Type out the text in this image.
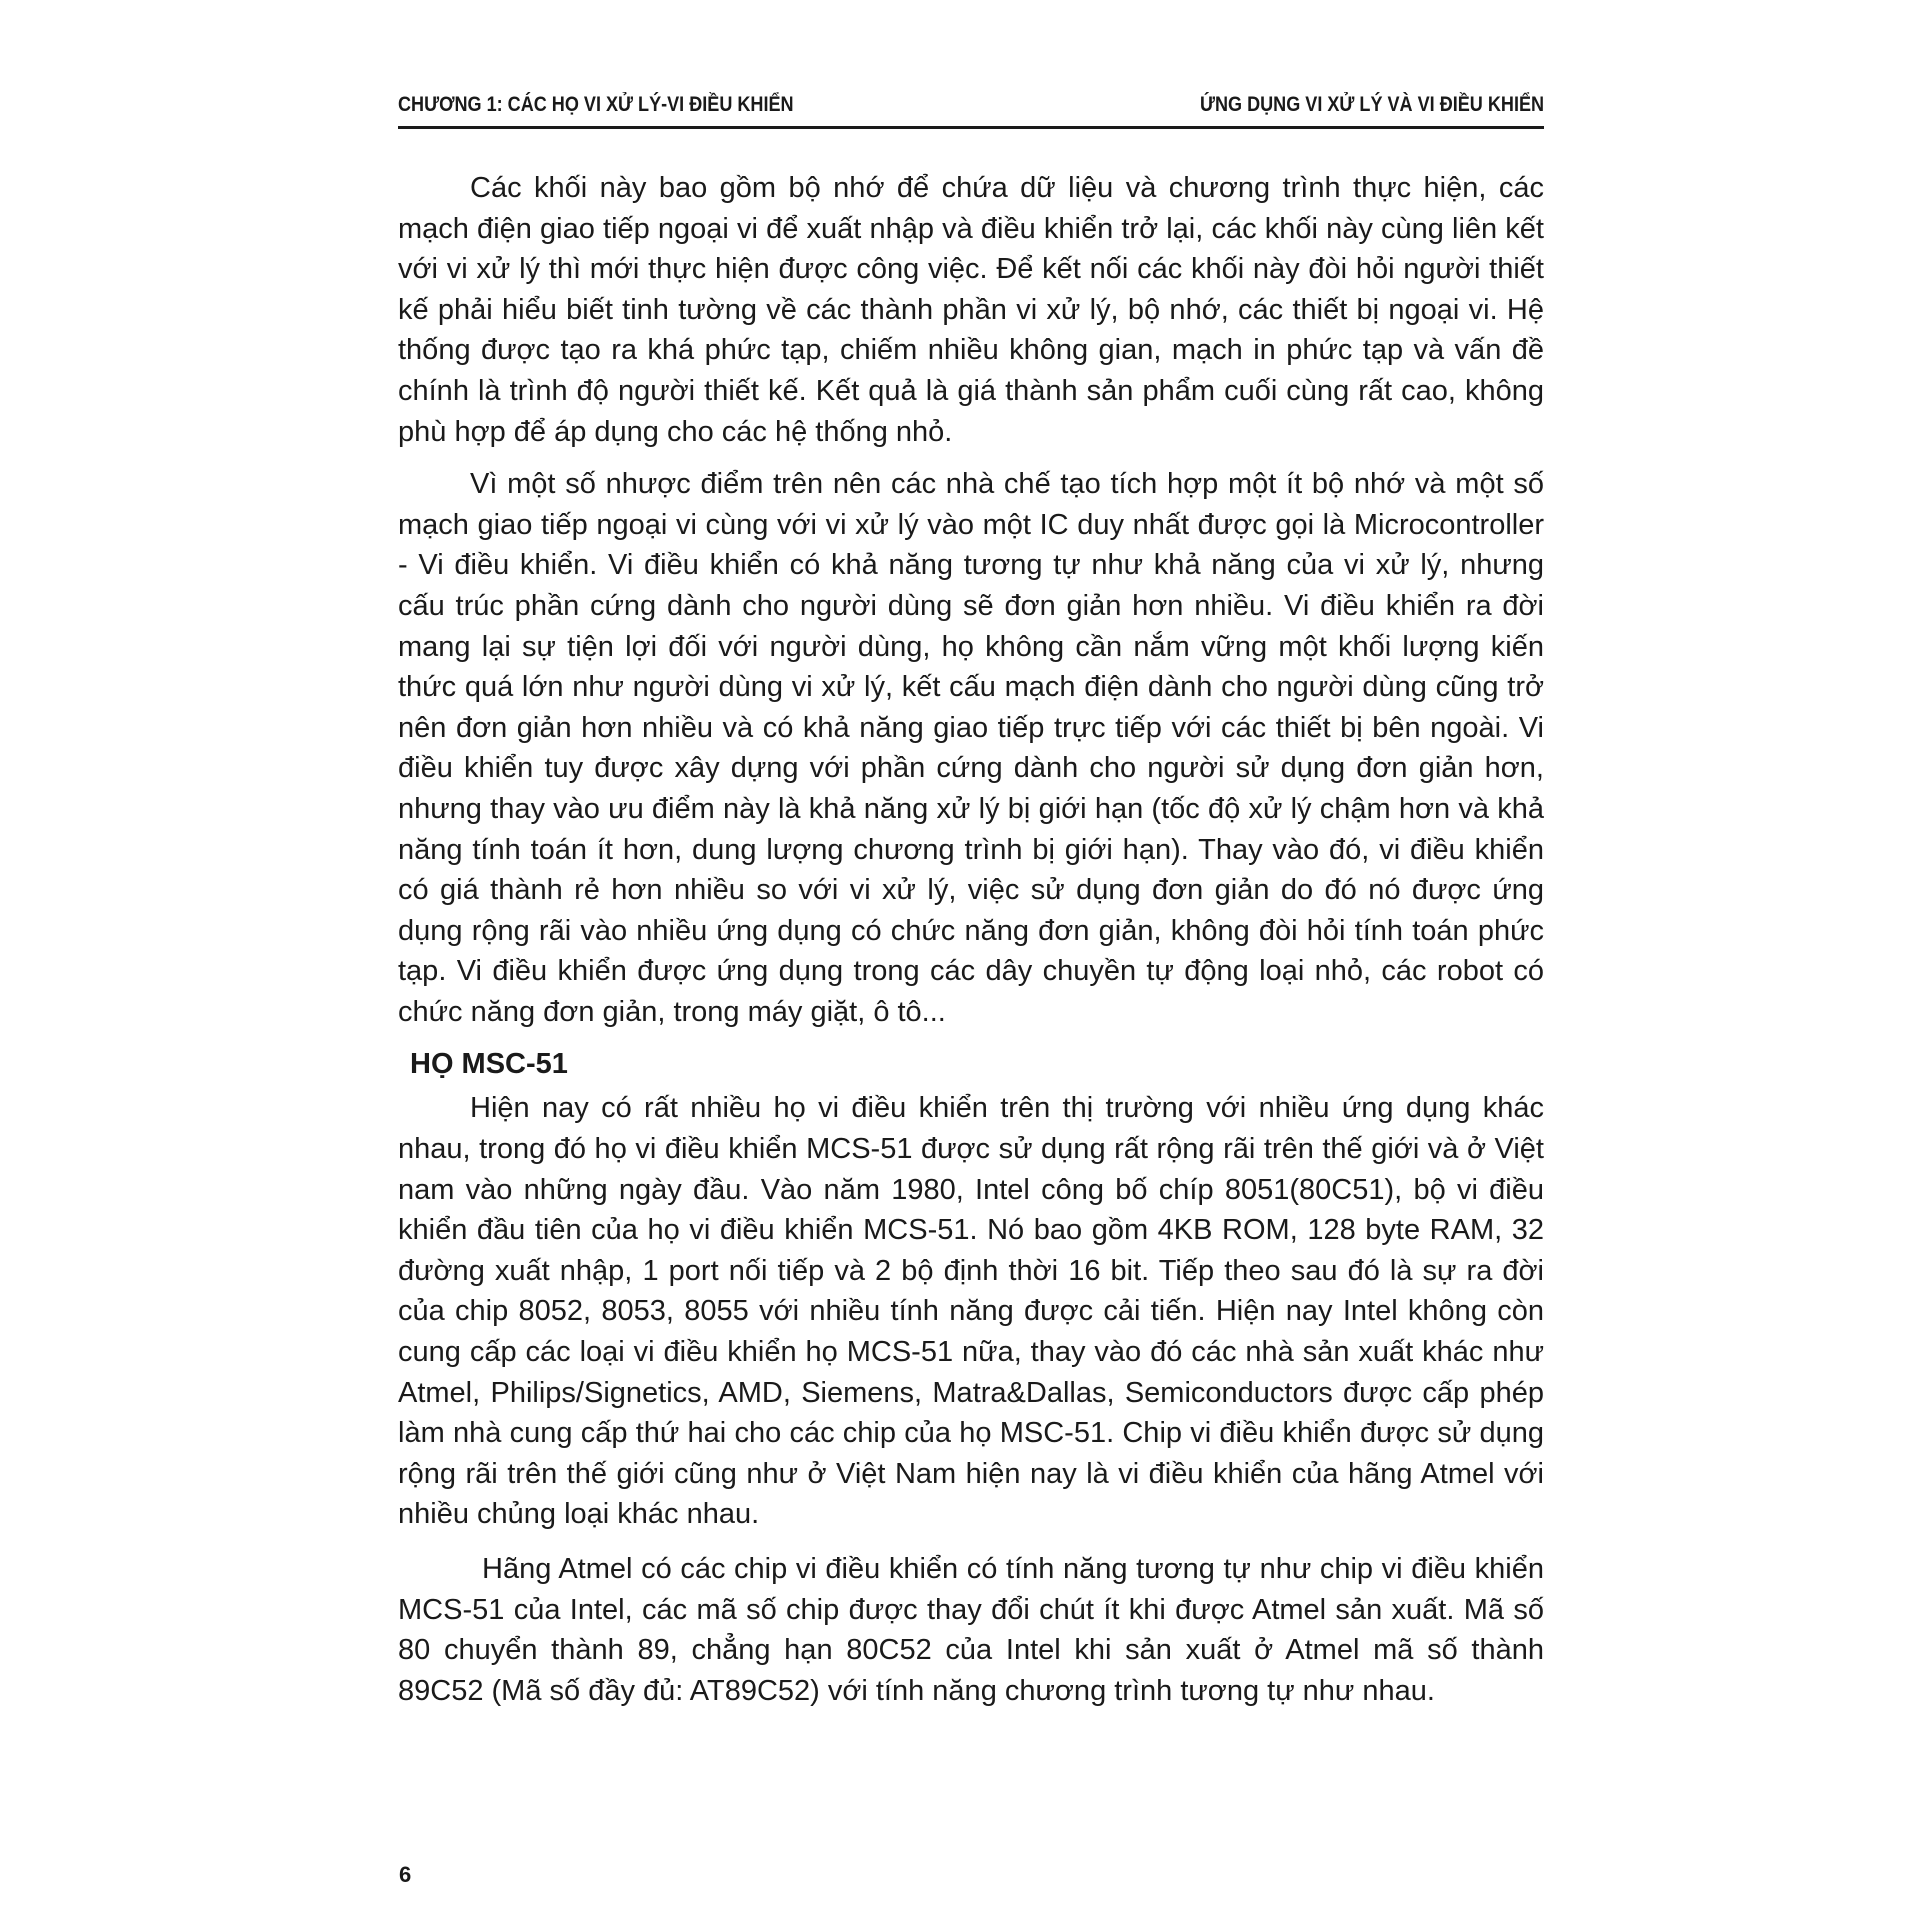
CHƯƠNG 1: CÁC HỌ VI XỬ LÝ-VI ĐIỀU KHIỂN	ỨNG DỤNG VI XỬ LÝ VÀ VI ĐIỀU KHIỂN

Các khối này bao gồm bộ nhớ để chứa dữ liệu và chương trình thực hiện, các mạch điện giao tiếp ngoại vi để xuất nhập và điều khiển trở lại, các khối này cùng liên kết với vi xử lý thì mới thực hiện được công việc. Để kết nối các khối này đòi hỏi người thiết kế phải hiểu biết tinh tường về các thành phần vi xử lý, bộ nhớ, các thiết bị ngoại vi. Hệ thống được tạo ra khá phức tạp, chiếm nhiều không gian, mạch in phức tạp và vấn đề chính là trình độ người thiết kế. Kết quả là giá thành sản phẩm cuối cùng rất cao, không phù hợp để áp dụng cho các hệ thống nhỏ.

Vì một số nhược điểm trên nên các nhà chế tạo tích hợp một ít bộ nhớ và một số mạch giao tiếp ngoại vi cùng với vi xử lý vào một IC duy nhất được gọi là Microcontroller - Vi điều khiển. Vi điều khiển có khả năng tương tự như khả năng của vi xử lý, nhưng cấu trúc phần cứng dành cho người dùng sẽ đơn giản hơn nhiều. Vi điều khiển ra đời mang lại sự tiện lợi đối với người dùng, họ không cần nắm vững một khối lượng kiến thức quá lớn như người dùng vi xử lý, kết cấu mạch điện dành cho người dùng cũng trở nên đơn giản hơn nhiều và có khả năng giao tiếp trực tiếp với các thiết bị bên ngoài. Vi điều khiển tuy được xây dựng với phần cứng dành cho người sử dụng đơn giản hơn, nhưng thay vào ưu điểm này là khả năng xử lý bị giới hạn (tốc độ xử lý chậm hơn và khả năng tính toán ít hơn, dung lượng chương trình bị giới hạn). Thay vào đó, vi điều khiển có giá thành rẻ hơn nhiều so với vi xử lý, việc sử dụng đơn giản do đó nó được ứng dụng rộng rãi vào nhiều ứng dụng có chức năng đơn giản, không đòi hỏi tính toán phức tạp. Vi điều khiển được ứng dụng trong các dây chuyền tự động loại nhỏ, các robot có chức năng đơn giản, trong máy giặt, ô tô...

HỌ MSC-51

Hiện nay có rất nhiều họ vi điều khiển trên thị trường với nhiều ứng dụng khác nhau, trong đó họ vi điều khiển MCS-51 được sử dụng rất rộng rãi trên thế giới và ở Việt nam vào những ngày đầu. Vào năm 1980, Intel công bố chíp 8051(80C51), bộ vi điều khiển đầu tiên của họ vi điều khiển MCS-51. Nó bao gồm 4KB ROM, 128 byte RAM, 32 đường xuất nhập, 1 port nối tiếp và 2 bộ định thời 16 bit. Tiếp theo sau đó là sự ra đời của chip 8052, 8053, 8055 với nhiều tính năng được cải tiến. Hiện nay Intel không còn cung cấp các loại vi điều khiển họ MCS-51 nữa, thay vào đó các nhà sản xuất khác như Atmel, Philips/Signetics, AMD, Siemens, Matra&Dallas, Semiconductors được cấp phép làm nhà cung cấp thứ hai cho các chip của họ MSC-51. Chip vi điều khiển được sử dụng rộng rãi trên thế giới cũng như ở Việt Nam hiện nay là vi điều khiển của hãng Atmel với nhiều chủng loại khác nhau.

Hãng Atmel có các chip vi điều khiển có tính năng tương tự như chip vi điều khiển MCS-51 của Intel, các mã số chip được thay đổi chút ít khi được Atmel sản xuất. Mã số 80 chuyển thành 89, chẳng hạn 80C52 của Intel khi sản xuất ở Atmel mã số thành 89C52 (Mã số đầy đủ: AT89C52) với tính năng chương trình tương tự như nhau.

6
